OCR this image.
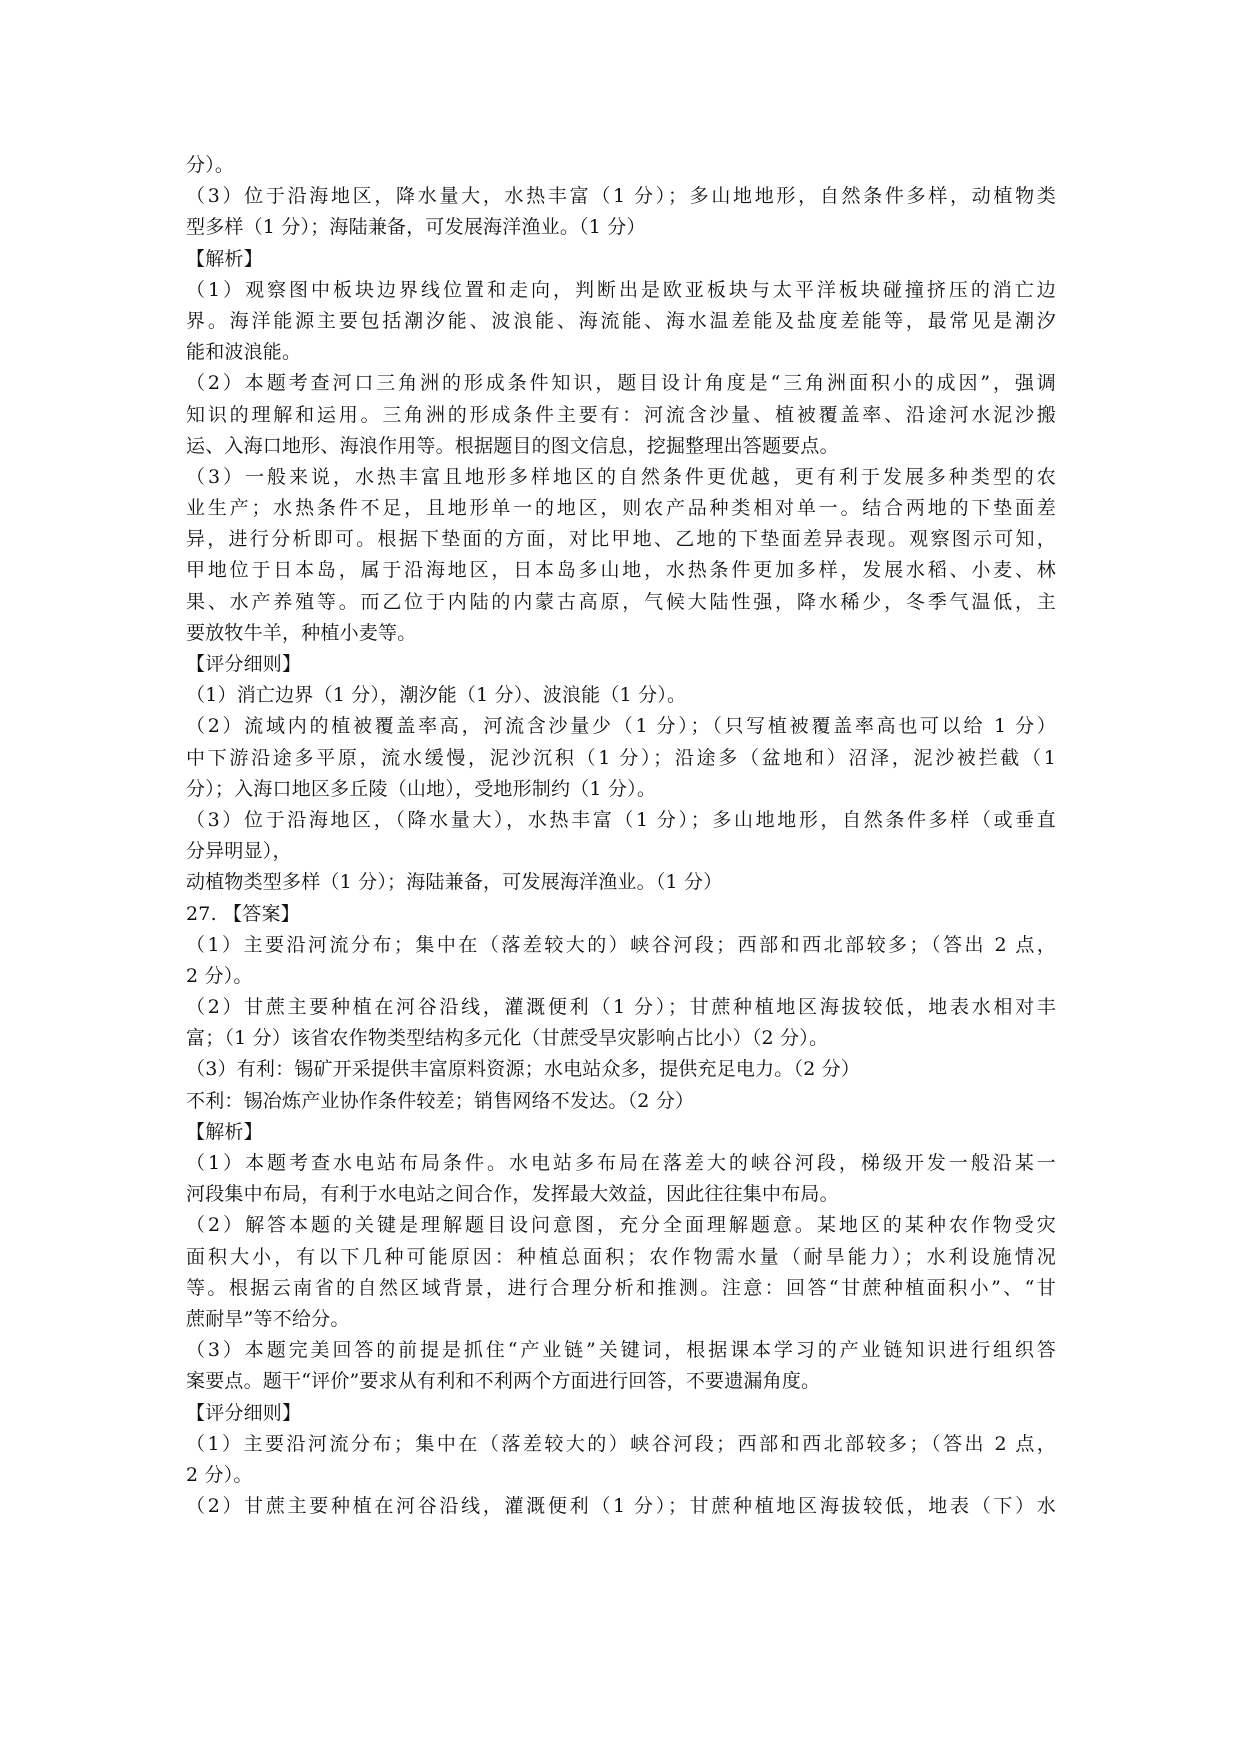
分）。
（3）位于沿海地区，降水量大，水热丰富（1 分）；多山地地形，自然条件多样，动植物类
型多样（1 分）；海陆兼备，可发展海洋渔业。（1 分）
【解析】
（1）观察图中板块边界线位置和走向，判断出是欧亚板块与太平洋板块碰撞挤压的消亡边
界。海洋能源主要包括潮汐能、波浪能、海流能、海水温差能及盐度差能等，最常见是潮汐
能和波浪能。
（2）本题考查河口三角洲的形成条件知识，题目设计角度是“三角洲面积小的成因”，强调
知识的理解和运用。三角洲的形成条件主要有：河流含沙量、植被覆盖率、沿途河水泥沙搬
运、入海口地形、海浪作用等。根据题目的图文信息，挖掘整理出答题要点。
（3）一般来说，水热丰富且地形多样地区的自然条件更优越，更有利于发展多种类型的农
业生产；水热条件不足，且地形单一的地区，则农产品种类相对单一。结合两地的下垫面差
异，进行分析即可。根据下垫面的方面，对比甲地、乙地的下垫面差异表现。观察图示可知，
甲地位于日本岛，属于沿海地区，日本岛多山地，水热条件更加多样，发展水稻、小麦、林
果、水产养殖等。而乙位于内陆的内蒙古高原，气候大陆性强，降水稀少，冬季气温低，主
要放牧牛羊，种植小麦等。
【评分细则】
（1）消亡边界（1 分），潮汐能（1 分）、波浪能（1 分）。
（2）流域内的植被覆盖率高，河流含沙量少（1 分）；（只写植被覆盖率高也可以给 1 分）
中下游沿途多平原，流水缓慢，泥沙沉积（1 分）；沿途多（盆地和）沼泽，泥沙被拦截（1
分）；入海口地区多丘陵（山地），受地形制约（1 分）。
（3）位于沿海地区，（降水量大），水热丰富（1 分）；多山地地形，自然条件多样（或垂直
分异明显），
动植物类型多样（1 分）；海陆兼备，可发展海洋渔业。（1 分）
27. 【答案】
（1）主要沿河流分布；集中在（落差较大的）峡谷河段；西部和西北部较多；（答出 2 点，
2 分）。
（2）甘蔗主要种植在河谷沿线，灌溉便利（1 分）；甘蔗种植地区海拔较低，地表水相对丰
富；（1 分）该省农作物类型结构多元化（甘蔗受旱灾影响占比小）（2 分）。
（3）有利：锡矿开采提供丰富原料资源；水电站众多，提供充足电力。（2 分）
不利：锡冶炼产业协作条件较差；销售网络不发达。（2 分）
【解析】
（1）本题考查水电站布局条件。水电站多布局在落差大的峡谷河段，梯级开发一般沿某一
河段集中布局，有利于水电站之间合作，发挥最大效益，因此往往集中布局。
（2）解答本题的关键是理解题目设问意图，充分全面理解题意。某地区的某种农作物受灾
面积大小，有以下几种可能原因：种植总面积；农作物需水量（耐旱能力）；水利设施情况
等。根据云南省的自然区域背景，进行合理分析和推测。注意：回答“甘蔗种植面积小”、“甘
蔗耐旱”等不给分。
（3）本题完美回答的前提是抓住“产业链”关键词，根据课本学习的产业链知识进行组织答
案要点。题干“评价”要求从有利和不利两个方面进行回答，不要遗漏角度。
【评分细则】
（1）主要沿河流分布；集中在（落差较大的）峡谷河段；西部和西北部较多；（答出 2 点，
2 分）。
（2）甘蔗主要种植在河谷沿线，灌溉便利（1 分）；甘蔗种植地区海拔较低，地表（下）水
